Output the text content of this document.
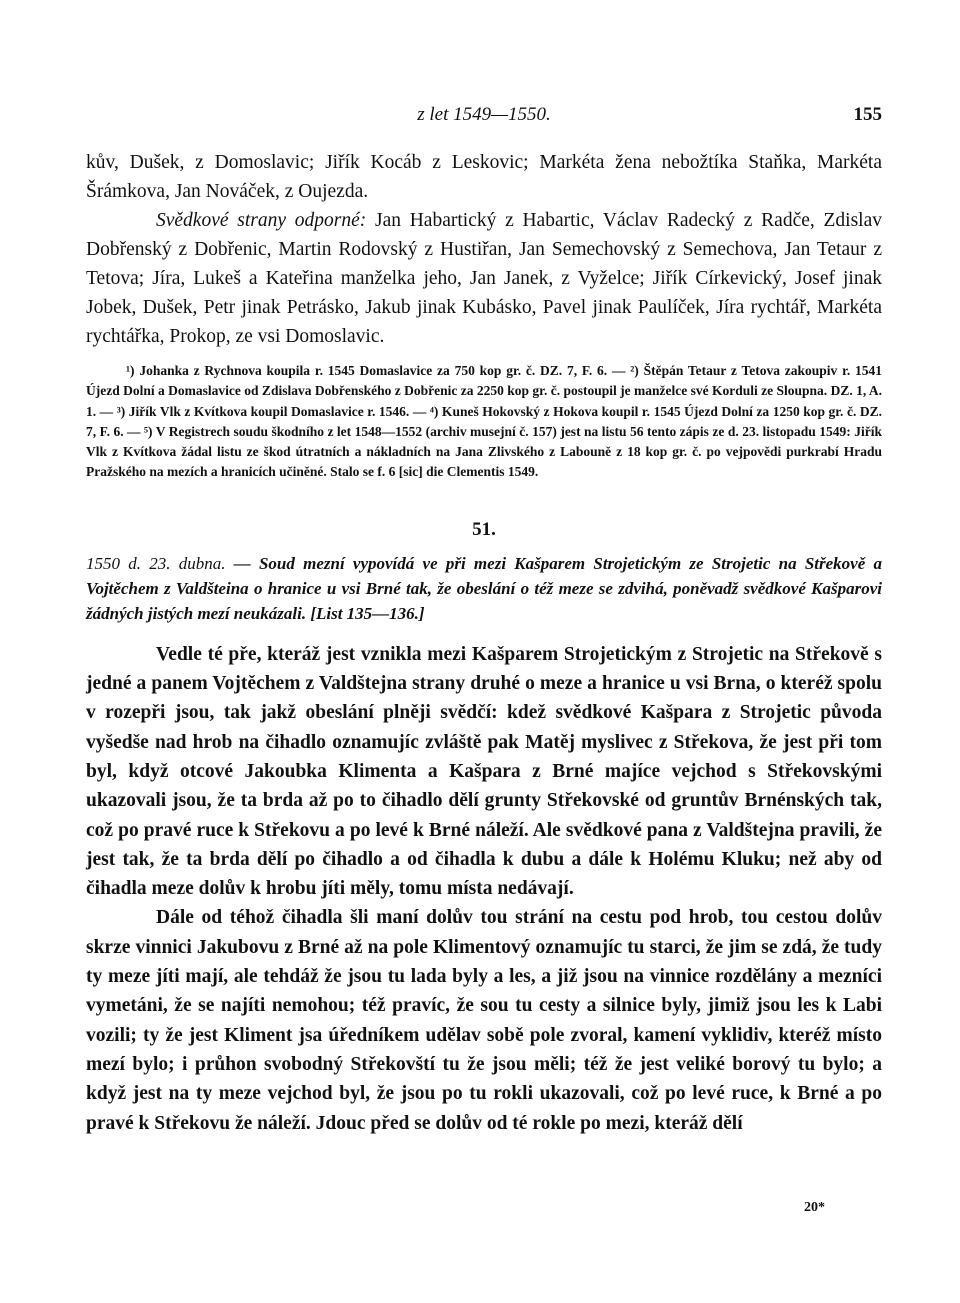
z let 1549—1550.	155

kův, Dušek, z Domoslavic; Jiřík Kocáb z Leskovic; Markéta žena nebožtíka Staňka, Markéta Šrámkova, Jan Nováček, z Oujezda.

Svědkové strany odporné: Jan Habartický z Habartic, Václav Radecký z Radče, Zdislav Dobřenský z Dobřenic, Martin Rodovský z Hustiřan, Jan Semechovský z Semechova, Jan Tetaur z Tetova; Jíra, Lukeš a Kateřina manželka jeho, Jan Janek, z Vyželce; Jiřík Církevický, Josef jinak Jobek, Dušek, Petr jinak Petrásko, Jakub jinak Kubásko, Pavel jinak Paulíček, Jíra rychtář, Markéta rychtářka, Prokop, ze vsi Domoslavic.

¹) Johanka z Rychnova koupila r. 1545 Domaslavice za 750 kop gr. č. DZ. 7, F. 6. — ²) Štěpán Tetaur z Tetova zakoupiv r. 1541 Újezd Dolní a Domaslavice od Zdislava Dobřenského z Dobřenic za 2250 kop gr. č. postoupil je manželce své Korduli ze Sloupna. DZ. 1, A. 1. — ³) Jiřík Vlk z Kvítkova koupil Domaslavice r. 1546. — ⁴) Kuneš Hokovský z Hokova koupil r. 1545 Újezd Dolní za 1250 kop gr. č. DZ. 7, F. 6. — ⁵) V Registrech soudu škodního z let 1548—1552 (archiv musejní č. 157) jest na listu 56 tento zápis ze d. 23. listopadu 1549: Jiřík Vlk z Kvítkova žádal listu ze škod útratních a nákladních na Jana Zlivského z Labouně z 18 kop gr. č. po vejpovědi purkrabí Hradu Pražského na mezích a hranicích učiněné. Stalo se f. 6 [sic] die Clementis 1549.

51.
1550 d. 23. dubna. — Soud mezní vypovídá ve při mezi Kašparem Strojetickým ze Strojetic na Střekově a Vojtěchem z Valdšteina o hranice u vsi Brné tak, že obeslání o též meze se zdvihá, poněvadž svědkové Kašparovi žádných jistých mezí neukázali. [List 135—136.]

Vedle té pře, kteráž jest vznikla mezi Kašparem Strojetickým z Strojetic na Střekově s jedné a panem Vojtěchem z Valdštejna strany druhé o meze a hranice u vsi Brna, o kteréž spolu v rozepři jsou, tak jakž obeslání plněji svědčí: kdež svědkové Kašpara z Strojetic původa vyšedše nad hrob na čihadlo oznamujíc zvláště pak Matěj myslivec z Střekova, že jest při tom byl, když otcové Jakoubka Klimenta a Kašpara z Brné majíce vejchod s Střekovskými ukazovali jsou, že ta brda až po to čihadlo dělí grunty Střekovské od gruntův Brnénských tak, což po pravé ruce k Střekovu a po levé k Brné náleží. Ale svědkové pana z Valdštejna pravili, že jest tak, že ta brda dělí po čihadlo a od čihadla k dubu a dále k Holému Kluku; než aby od čihadla meze dolův k hrobu jíti měly, tomu místa nedávají.

Dále od téhož čihadla šli maní dolův tou strání na cestu pod hrob, tou cestou dolův skrze vinnici Jakubovu z Brné až na pole Klimentový oznamujíc tu starci, že jim se zdá, že tudy ty meze jíti mají, ale tehdáž že jsou tu lada byly a les, a již jsou na vinnice rozdělány a mezníci vymetáni, že se najíti nemohou; též pravíc, že sou tu cesty a silnice byly, jimiž jsou les k Labi vozili; ty že jest Kliment jsa úředníkem udělav sobě pole zvoral, kamení vyklidiv, kteréž místo mezí bylo; i průhon svobodný Střekovští tu že jsou měli; též že jest veliké borový tu bylo; a když jest na ty meze vejchod byl, že jsou po tu rokli ukazovali, což po levé ruce, k Brné a po pravé k Střekovu že náleží. Jdouc před se dolův od té rokle po mezi, kteráž dělí

20*
